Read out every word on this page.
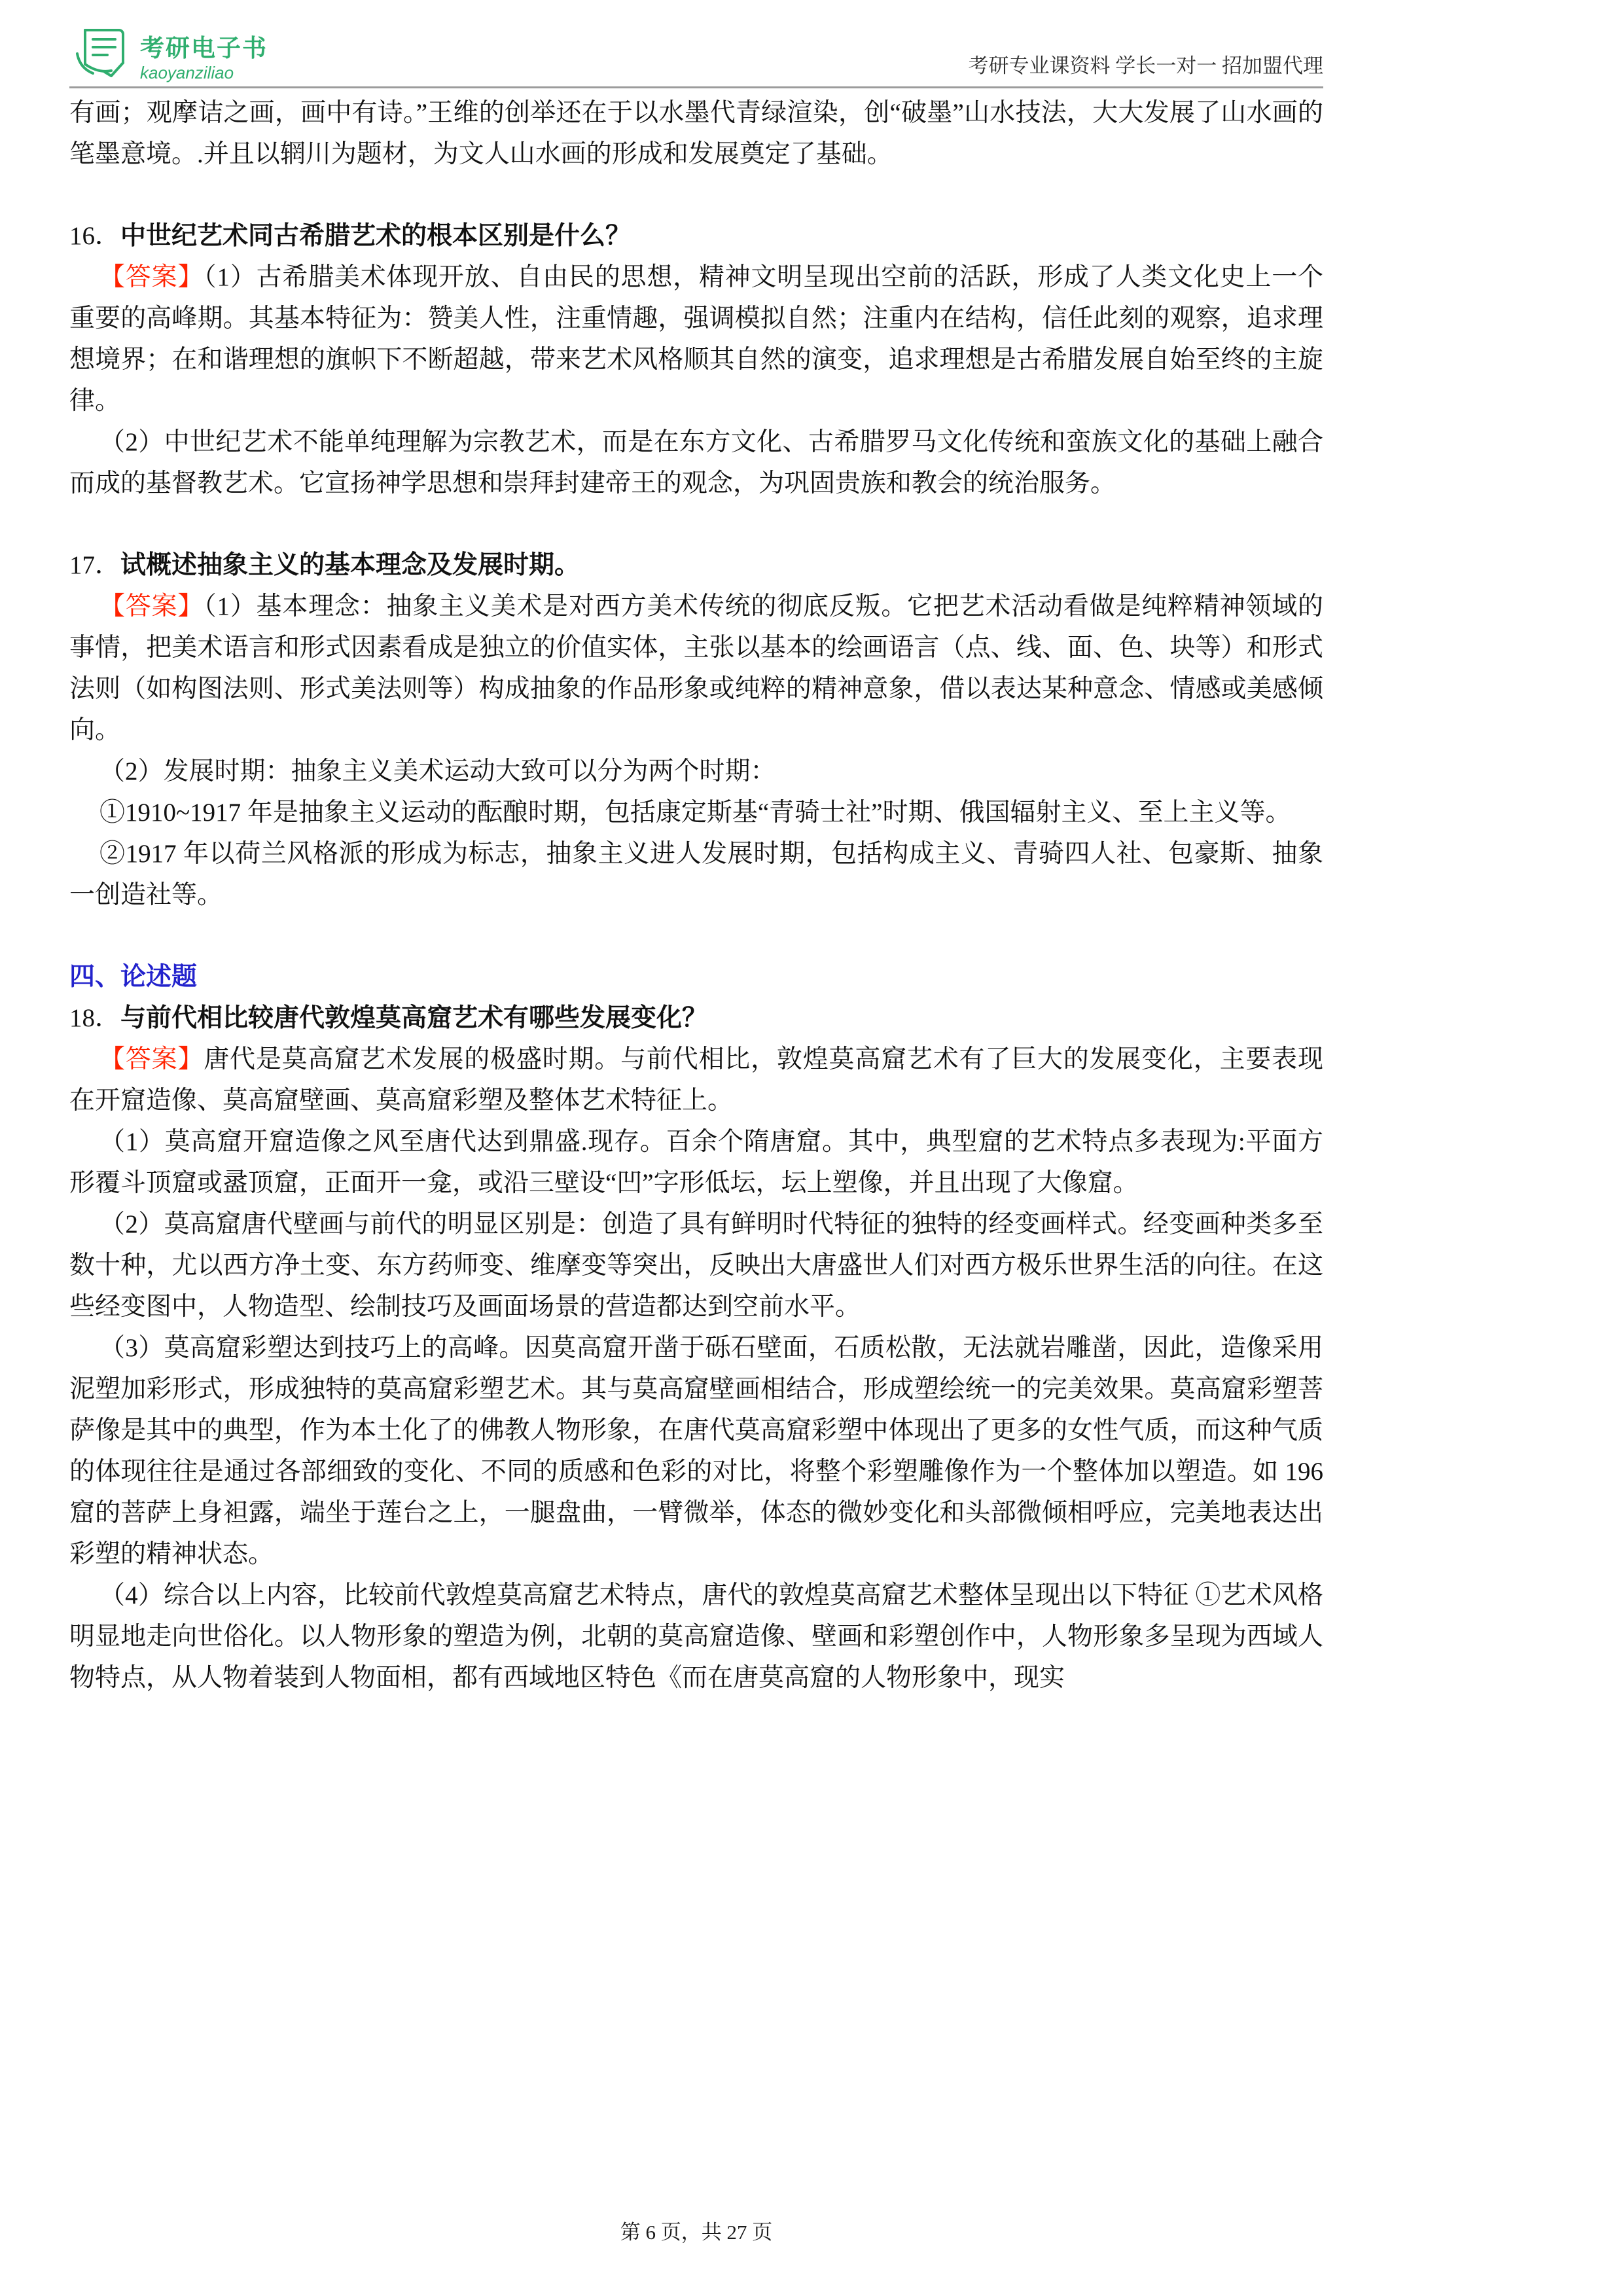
考研电子书
kaoyanziliao	考研专业课资料 学长一对一 招加盟代理

有画；观摩诘之画，画中有诗。”王维的创举还在于以水墨代青绿渲染，创“破墨”山水技法，大大发展了山水画的笔墨意境。.并且以辋川为题材，为文人山水画的形成和发展奠定了基础。

16．中世纪艺术同古希腊艺术的根本区别是什么？

【答案】（1）古希腊美术体现开放、自由民的思想，精神文明呈现出空前的活跃，形成了人类文化史上一个重要的高峰期。其基本特征为：赞美人性，注重情趣，强调模拟自然；注重内在结构，信任此刻的观察，追求理想境界；在和谐理想的旗帜下不断超越，带来艺术风格顺其自然的演变，追求理想是古希腊发展自始至终的主旋律。

（2）中世纪艺术不能单纯理解为宗教艺术，而是在东方文化、古希腊罗马文化传统和蛮族文化的基础上融合而成的基督教艺术。它宣扬神学思想和崇拜封建帝王的观念，为巩固贵族和教会的统治服务。

17．试概述抽象主义的基本理念及发展时期。

【答案】（1）基本理念：抽象主义美术是对西方美术传统的彻底反叛。它把艺术活动看做是纯粹精神领域的事情，把美术语言和形式因素看成是独立的价值实体，主张以基本的绘画语言（点、线、面、色、块等）和形式法则（如构图法则、形式美法则等）构成抽象的作品形象或纯粹的精神意象，借以表达某种意念、情感或美感倾向。

（2）发展时期：抽象主义美术运动大致可以分为两个时期：

①1910~1917 年是抽象主义运动的酝酿时期，包括康定斯基“青骑士社”时期、俄国辐射主义、至上主义等。

②1917 年以荷兰风格派的形成为标志，抽象主义进人发展时期，包括构成主义、青骑四人社、包豪斯、抽象一创造社等。

四、论述题

18．与前代相比较唐代敦煌莫高窟艺术有哪些发展变化？

【答案】唐代是莫高窟艺术发展的极盛时期。与前代相比，敦煌莫高窟艺术有了巨大的发展变化，主要表现在开窟造像、莫高窟壁画、莫高窟彩塑及整体艺术特征上。

（1）莫高窟开窟造像之风至唐代达到鼎盛.现存。百余个隋唐窟。其中，典型窟的艺术特点多表现为:平面方形覆斗顶窟或盝顶窟，正面开一龛，或沿三壁设“凹”字形低坛，坛上塑像，并且出现了大像窟。

（2）莫高窟唐代壁画与前代的明显区别是：创造了具有鲜明时代特征的独特的经变画样式。经变画种类多至数十种，尤以西方净土变、东方药师变、维摩变等突出，反映出大唐盛世人们对西方极乐世界生活的向往。在这些经变图中，人物造型、绘制技巧及画面场景的营造都达到空前水平。

（3）莫高窟彩塑达到技巧上的高峰。因莫高窟开凿于砾石壁面，石质松散，无法就岩雕凿，因此，造像采用泥塑加彩形式，形成独特的莫高窟彩塑艺术。其与莫高窟壁画相结合，形成塑绘统一的完美效果。莫高窟彩塑菩萨像是其中的典型，作为本土化了的佛教人物形象，在唐代莫高窟彩塑中体现出了更多的女性气质，而这种气质的体现往往是通过各部细致的变化、不同的质感和色彩的对比，将整个彩塑雕像作为一个整体加以塑造。如 196 窟的菩萨上身袒露，端坐于莲台之上，一腿盘曲，一臂微举，体态的微妙变化和头部微倾相呼应，完美地表达出彩塑的精神状态。

（4）综合以上内容，比较前代敦煌莫高窟艺术特点，唐代的敦煌莫高窟艺术整体呈现出以下特征 ①艺术风格明显地走向世俗化。以人物形象的塑造为例，北朝的莫高窟造像、壁画和彩塑创作中，人物形象多呈现为西域人物特点，从人物着装到人物面相，都有西域地区特色《而在唐莫高窟的人物形象中，现实

第 6 页，共 27 页
